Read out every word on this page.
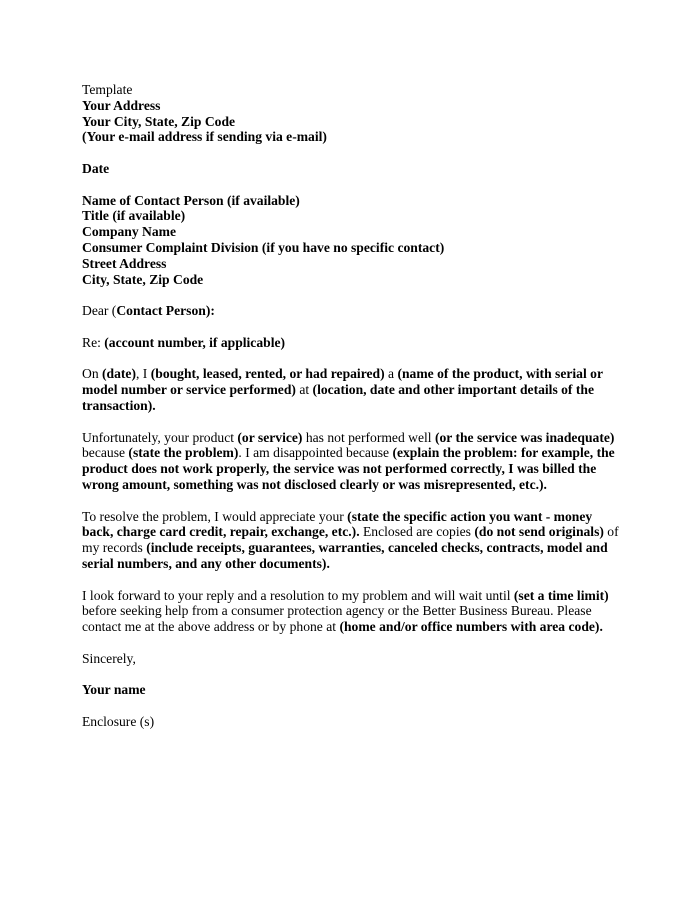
Template
Your Address
Your City, State, Zip Code
(Your e-mail address if sending via e-mail)
Date
Name of Contact Person (if available)
Title (if available)
Company Name
Consumer Complaint Division (if you have no specific contact)
Street Address
City, State, Zip Code
Dear (Contact Person):
Re: (account number, if applicable)
On (date), I (bought, leased, rented, or had repaired) a (name of the product, with serial or model number or service performed) at (location, date and other important details of the transaction).
Unfortunately, your product (or service) has not performed well (or the service was inadequate) because (state the problem). I am disappointed because (explain the problem: for example, the product does not work properly, the service was not performed correctly, I was billed the wrong amount, something was not disclosed clearly or was misrepresented, etc.).
To resolve the problem, I would appreciate your (state the specific action you want - money back, charge card credit, repair, exchange, etc.). Enclosed are copies (do not send originals) of my records (include receipts, guarantees, warranties, canceled checks, contracts, model and serial numbers, and any other documents).
I look forward to your reply and a resolution to my problem and will wait until (set a time limit) before seeking help from a consumer protection agency or the Better Business Bureau. Please contact me at the above address or by phone at (home and/or office numbers with area code).
Sincerely,
Your name
Enclosure (s)
